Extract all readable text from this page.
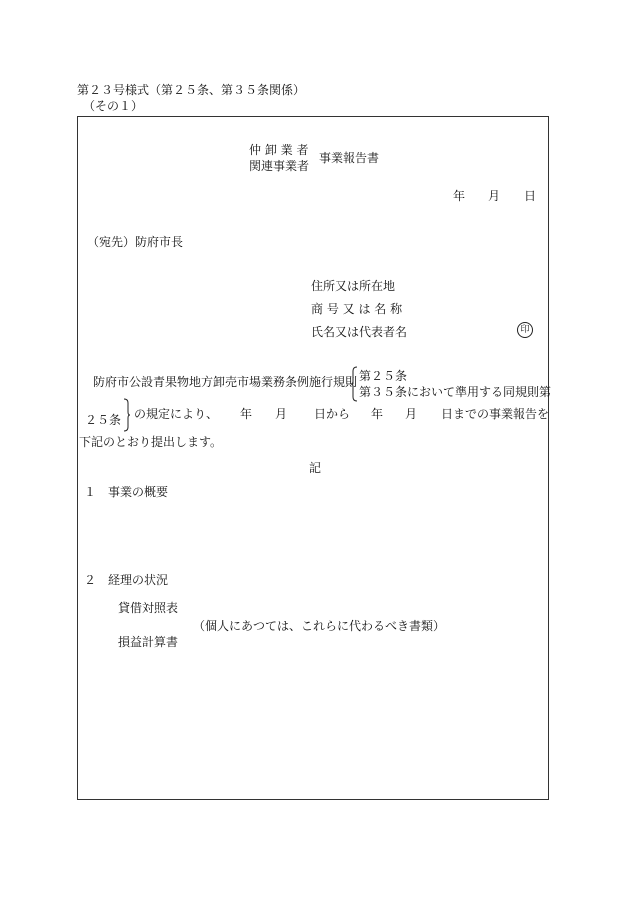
第２３号様式（第２５条、第３５条関係）
（その１）
仲 卸 業 者
関連事業者
事業報告書
年 月 日
（宛先）防府市長
住所又は所在地
商 号 又 は 名 称
氏名又は代表者名	印
防府市公設青果物地方卸売市場業務条例施行規則 第２５条
第３５条において準用する同規則第
２５条 の規定により、 年 月 日から 年 月 日までの事業報告を
下記のとおり提出します。
記
１　事業の概要
２　経理の状況
貸借対照表
（個人にあつては、これらに代わるべき書類）
損益計算書
